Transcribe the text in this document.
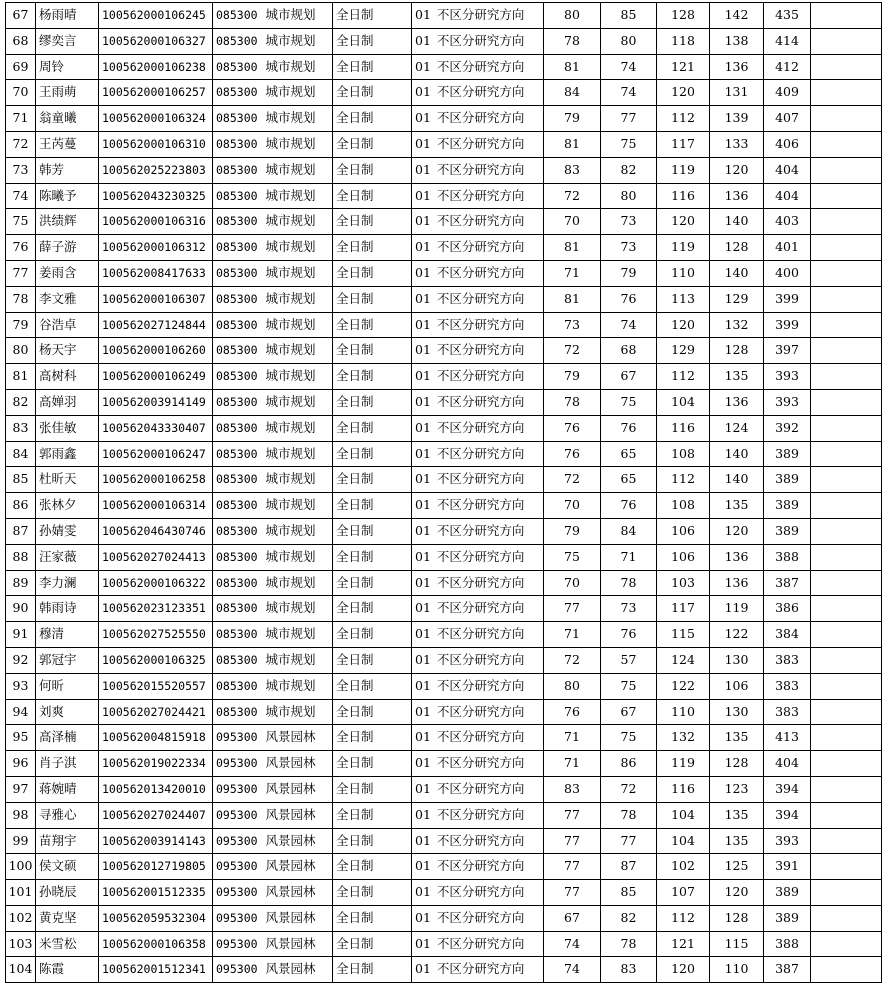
67	杨雨晴	100562000106245	085300 城市规划	全日制	01 不区分研究方向	80	85	128	142	435	
68	缪奕言	100562000106327	085300 城市规划	全日制	01 不区分研究方向	78	80	118	138	414	
69	周铃	100562000106238	085300 城市规划	全日制	01 不区分研究方向	81	74	121	136	412	
70	王雨萌	100562000106257	085300 城市规划	全日制	01 不区分研究方向	84	74	120	131	409	
71	翁童曦	100562000106324	085300 城市规划	全日制	01 不区分研究方向	79	77	112	139	407	
72	王芮蔓	100562000106310	085300 城市规划	全日制	01 不区分研究方向	81	75	117	133	406	
73	韩芳	100562025223803	085300 城市规划	全日制	01 不区分研究方向	83	82	119	120	404	
74	陈曦予	100562043230325	085300 城市规划	全日制	01 不区分研究方向	72	80	116	136	404	
75	洪绩辉	100562000106316	085300 城市规划	全日制	01 不区分研究方向	70	73	120	140	403	
76	薛子游	100562000106312	085300 城市规划	全日制	01 不区分研究方向	81	73	119	128	401	
77	姜雨含	100562008417633	085300 城市规划	全日制	01 不区分研究方向	71	79	110	140	400	
78	李文雅	100562000106307	085300 城市规划	全日制	01 不区分研究方向	81	76	113	129	399	
79	谷浩卓	100562027124844	085300 城市规划	全日制	01 不区分研究方向	73	74	120	132	399	
80	杨天宇	100562000106260	085300 城市规划	全日制	01 不区分研究方向	72	68	129	128	397	
81	高树科	100562000106249	085300 城市规划	全日制	01 不区分研究方向	79	67	112	135	393	
82	高婵羽	100562003914149	085300 城市规划	全日制	01 不区分研究方向	78	75	104	136	393	
83	张佳敏	100562043330407	085300 城市规划	全日制	01 不区分研究方向	76	76	116	124	392	
84	郭雨鑫	100562000106247	085300 城市规划	全日制	01 不区分研究方向	76	65	108	140	389	
85	杜昕天	100562000106258	085300 城市规划	全日制	01 不区分研究方向	72	65	112	140	389	
86	张林夕	100562000106314	085300 城市规划	全日制	01 不区分研究方向	70	76	108	135	389	
87	孙婧雯	100562046430746	085300 城市规划	全日制	01 不区分研究方向	79	84	106	120	389	
88	汪家薇	100562027024413	085300 城市规划	全日制	01 不区分研究方向	75	71	106	136	388	
89	李力澜	100562000106322	085300 城市规划	全日制	01 不区分研究方向	70	78	103	136	387	
90	韩雨诗	100562023123351	085300 城市规划	全日制	01 不区分研究方向	77	73	117	119	386	
91	穆清	100562027525550	085300 城市规划	全日制	01 不区分研究方向	71	76	115	122	384	
92	郭冠宇	100562000106325	085300 城市规划	全日制	01 不区分研究方向	72	57	124	130	383	
93	何昕	100562015520557	085300 城市规划	全日制	01 不区分研究方向	80	75	122	106	383	
94	刘爽	100562027024421	085300 城市规划	全日制	01 不区分研究方向	76	67	110	130	383	
95	高泽楠	100562004815918	095300 风景园林	全日制	01 不区分研究方向	71	75	132	135	413	
96	肖子淇	100562019022334	095300 风景园林	全日制	01 不区分研究方向	71	86	119	128	404	
97	蒋婉晴	100562013420010	095300 风景园林	全日制	01 不区分研究方向	83	72	116	123	394	
98	寻雅心	100562027024407	095300 风景园林	全日制	01 不区分研究方向	77	78	104	135	394	
99	苗翔宇	100562003914143	095300 风景园林	全日制	01 不区分研究方向	77	77	104	135	393	
100	侯文硕	100562012719805	095300 风景园林	全日制	01 不区分研究方向	77	87	102	125	391	
101	孙晓辰	100562001512335	095300 风景园林	全日制	01 不区分研究方向	77	85	107	120	389	
102	黄克坚	100562059532304	095300 风景园林	全日制	01 不区分研究方向	67	82	112	128	389	
103	米雪松	100562000106358	095300 风景园林	全日制	01 不区分研究方向	74	78	121	115	388	
104	陈霞	100562001512341	095300 风景园林	全日制	01 不区分研究方向	74	83	120	110	387	
